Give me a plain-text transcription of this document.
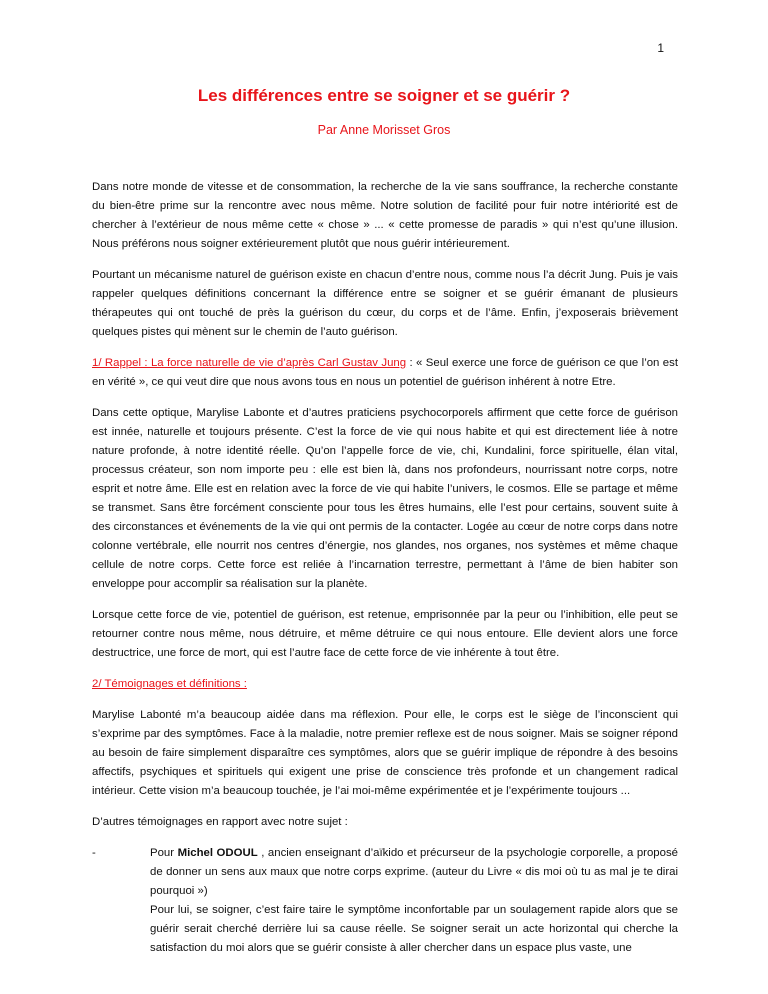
1
Les différences entre se soigner et se guérir ?
Par Anne Morisset Gros

Dans notre monde de vitesse et de consommation, la recherche de la vie sans souffrance, la recherche constante du bien-être prime sur la rencontre avec nous même. Notre solution de facilité pour fuir notre intériorité est de chercher à l’extérieur de nous même cette « chose » ... « cette promesse de paradis » qui n’est qu’une illusion. Nous préférons nous soigner extérieurement plutôt que nous guérir intérieurement.

Pourtant un mécanisme naturel de guérison existe en chacun d’entre nous, comme nous l’a décrit Jung. Puis je vais rappeler quelques définitions concernant la différence entre se soigner et se guérir émanant de plusieurs thérapeutes qui ont touché de près la guérison du cœur, du corps et de l’âme. Enfin, j’exposerais brièvement quelques pistes qui mènent sur le chemin de l’auto guérison.

1/ Rappel : La force naturelle de vie d’après Carl Gustav Jung : « Seul exerce une force de guérison ce que l’on est en vérité », ce qui veut dire que nous avons tous en nous un potentiel de guérison inhérent à notre Etre.

Dans cette optique, Marylise Labonte et d’autres praticiens psychocorporels affirment que cette force de guérison est innée, naturelle et toujours présente. C’est la force de vie qui nous habite et qui est directement liée à notre nature profonde, à notre identité réelle. Qu’on l’appelle force de vie, chi, Kundalini, force spirituelle, élan vital, processus créateur, son nom importe peu : elle est bien là, dans nos profondeurs, nourrissant notre corps, notre esprit et notre âme. Elle est en relation avec la force de vie qui habite l’univers, le cosmos. Elle se partage et même se transmet. Sans être forcément consciente pour tous les êtres humains, elle l’est pour certains, souvent suite à des circonstances et événements de la vie qui ont permis de la contacter. Logée au cœur de notre corps dans notre colonne vertébrale, elle nourrit nos centres d’énergie, nos glandes, nos organes, nos systèmes et même chaque cellule de notre corps. Cette force est reliée à l’incarnation terrestre, permettant à l’âme de bien habiter son enveloppe pour accomplir sa réalisation sur la planète.

Lorsque cette force de vie, potentiel de guérison, est retenue, emprisonnée par la peur ou l’inhibition, elle peut se retourner contre nous même, nous détruire, et même détruire ce qui nous entoure. Elle devient alors une force destructrice, une force de mort, qui est l’autre face de cette force de vie inhérente à tout être.

2/ Témoignages et définitions :

Marylise Labonté m’a beaucoup aidée dans ma réflexion. Pour elle, le corps est le siège de l’inconscient qui s’exprime par des symptômes. Face à la maladie, notre premier reflexe est de nous soigner. Mais se soigner répond au besoin de faire simplement disparaître ces symptômes, alors que se guérir implique de répondre à des besoins affectifs, psychiques et spirituels qui exigent une prise de conscience très profonde et un changement radical intérieur. Cette vision m’a beaucoup touchée, je l’ai moi-même expérimentée et je l’expérimente toujours ...

D’autres témoignages en rapport avec notre sujet :

-	Pour Michel ODOUL , ancien enseignant d’aïkido et précurseur de la psychologie corporelle, a proposé de donner un sens aux maux que notre corps exprime. (auteur du Livre « dis moi où tu as mal je te dirai pourquoi »)

Pour lui, se soigner, c’est faire taire le symptôme inconfortable par un soulagement rapide alors que se guérir serait cherché derrière lui sa cause réelle. Se soigner serait un acte horizontal qui cherche la satisfaction du moi alors que se guérir consiste à aller chercher dans un espace plus vaste, une
